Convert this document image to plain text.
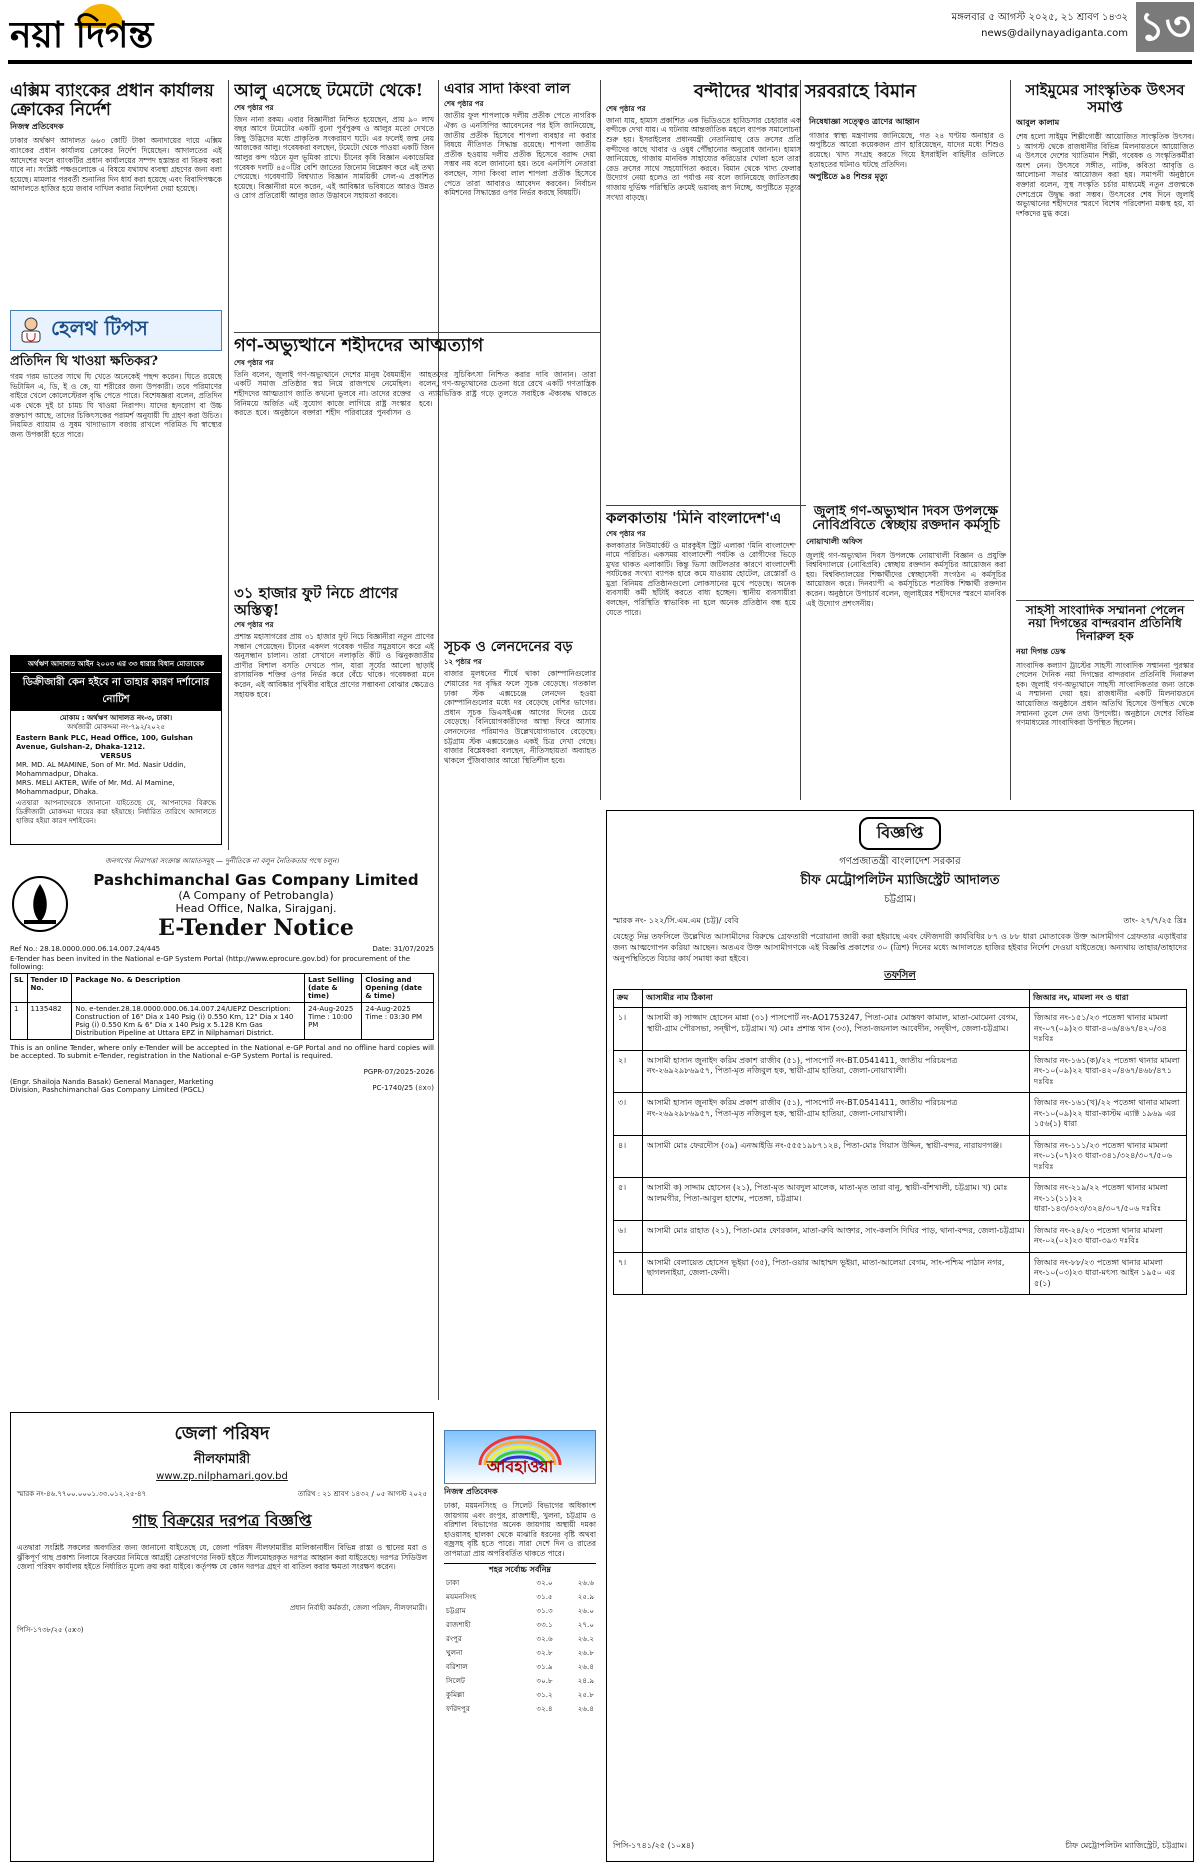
নয়া দিগন্ত	মঙ্গলবার ৫ আগস্ট ২০২৫, ২১ শ্রাবণ ১৪৩২
news@dailynayadiganta.com ১৩
এক্সিম ব্যাংকের প্রধান কার্যালয় ক্রোকের নির্দেশ
নিজস্ব প্রতিবেদক

ঢাকার অর্থঋণ আদালত ৬৬৩ কোটি টাকা অনাদায়ের দায়ে এক্সিম ব্যাংকের প্রধান কার্যালয় ক্রোকের নির্দেশ দিয়েছেন। আদালতের এই আদেশের ফলে ব্যাংকটির প্রধান কার্যালয়ের সম্পদ হস্তান্তর বা বিক্রয় করা যাবে না। সংশ্লিষ্ট পক্ষগুলোকে এ বিষয়ে যথাযথ ব্যবস্থা গ্রহণের জন্য বলা হয়েছে। মামলার পরবর্তী শুনানির দিন ধার্য করা হয়েছে এবং বিবাদিপক্ষকে আদালতে হাজির হয়ে জবাব দাখিল করার নির্দেশনা দেয়া হয়েছে।

হেলথ টিপস
প্রতিদিন ঘি খাওয়া ক্ষতিকর?

গরম গরম ভাতের সাথে ঘি খেতে অনেকেই পছন্দ করেন। ঘিতে রয়েছে ভিটামিন এ, ডি, ই ও কে, যা শরীরের জন্য উপকারী। তবে পরিমাণের বাইরে খেলে কোলেস্টেরল বৃদ্ধি পেতে পারে। বিশেষজ্ঞরা বলেন, প্রতিদিন এক থেকে দুই চা চামচ ঘি খাওয়া নিরাপদ। যাদের হৃদরোগ বা উচ্চ রক্তচাপ আছে, তাদের চিকিৎসকের পরামর্শ অনুযায়ী ঘি গ্রহণ করা উচিত। নিয়মিত ব্যায়াম ও সুষম খাদ্যাভ্যাস বজায় রাখলে পরিমিত ঘি স্বাস্থ্যের জন্য উপকারী হতে পারে।

অর্থঋণ আদালত আইন ২০০৩ এর ৩৩ ধারার বিধান মোতাবেক
ডিক্রীজারী কেন হইবে না তাহার কারণ দর্শানোর নোটিশ
মোকাম : অর্থঋণ আদালত নং-৩, ঢাকা।
অর্থজারী মোকদ্দমা নং-৭৯২/২০২৫
Eastern Bank PLC, Head Office, 100, Gulshan Avenue, Gulshan-2, Dhaka-1212.
VERSUS
MR. MD. AL MAMINE, Son of Mr. Md. Nasir Uddin, Mohammadpur, Dhaka.
MRS. MELI AKTER, Wife of Mr. Md. Al Mamine, Mohammadpur, Dhaka.
এতদ্বারা আপনাদেরকে জানানো যাইতেছে যে, আপনাদের বিরুদ্ধে ডিক্রীজারী মোকদ্দমা দায়ের করা হইয়াছে। নির্ধারিত তারিখে আদালতে হাজির হইয়া কারণ দর্শাইবেন।
আলু এসেছে টমেটো থেকে!
শেষ পৃষ্ঠার পর

জিন নানা রকম। এবার বিজ্ঞানীরা নিশ্চিত হয়েছেন, প্রায় ৯০ লাখ বছর আগে টমেটোর একটি বুনো পূর্বপুরুষ ও আলুর মতো দেখতে কিছু উদ্ভিদের মধ্যে প্রাকৃতিক সংকরায়ণ ঘটে। এর ফলেই জন্ম নেয় আজকের আলু। গবেষকরা বলছেন, টমেটো থেকে পাওয়া একটি জিন আলুর কন্দ গঠনে মূল ভূমিকা রাখে। চীনের কৃষি বিজ্ঞান একাডেমির গবেষক দলটি ৪৫০টির বেশি জাতের জিনোম বিশ্লেষণ করে এই তথ্য পেয়েছে। গবেষণাটি বিশ্বখ্যাত বিজ্ঞান সাময়িকী সেল-এ প্রকাশিত হয়েছে। বিজ্ঞানীরা মনে করেন, এই আবিষ্কার ভবিষ্যতে আরও উন্নত ও রোগ প্রতিরোধী আলুর জাত উদ্ভাবনে সহায়তা করবে।

গণ-অভ্যুত্থানে শহীদদের আত্মত্যাগ
শেষ পৃষ্ঠার পর

তিনি বলেন, জুলাই গণ-অভ্যুত্থানে দেশের মানুষ বৈষম্যহীন একটি সমাজ প্রতিষ্ঠার স্বপ্ন নিয়ে রাজপথে নেমেছিল। শহীদদের আত্মত্যাগ জাতি কখনো ভুলবে না। তাদের রক্তের বিনিময়ে অর্জিত এই সুযোগ কাজে লাগিয়ে রাষ্ট্র সংস্কার করতে হবে। অনুষ্ঠানে বক্তারা শহীদ পরিবারের পুনর্বাসন ও আহতদের সুচিকিৎসা নিশ্চিত করার দাবি জানান। তারা বলেন, গণ-অভ্যুত্থানের চেতনা ধরে রেখে একটি গণতান্ত্রিক ও ন্যায়ভিত্তিক রাষ্ট্র গড়ে তুলতে সবাইকে ঐক্যবদ্ধ থাকতে হবে।

৩১ হাজার ফুট নিচে প্রাণের অস্তিত্ব!
শেষ পৃষ্ঠার পর

প্রশান্ত মহাসাগরের প্রায় ৩১ হাজার ফুট নিচে বিজ্ঞানীরা নতুন প্রাণের সন্ধান পেয়েছেন। চীনের একদল গবেষক গভীর সমুদ্রযানে করে এই অনুসন্ধান চালান। তারা সেখানে নলাকৃতি কীট ও ঝিনুকজাতীয় প্রাণীর বিশাল বসতি দেখতে পান, যারা সূর্যের আলো ছাড়াই রাসায়নিক শক্তির ওপর নির্ভর করে বেঁচে থাকে। গবেষকরা মনে করেন, এই আবিষ্কার পৃথিবীর বাইরে প্রাণের সম্ভাবনা বোঝার ক্ষেত্রেও সহায়ক হবে।

এবার সাদা কিংবা লাল
শেষ পৃষ্ঠার পর

জাতীয় ফুল শাপলাকে দলীয় প্রতীক পেতে নাগরিক ঐক্য ও এনসিপির আবেদনের পর ইসি জানিয়েছে, জাতীয় প্রতীক হিসেবে শাপলা ব্যবহার না করার বিষয়ে নীতিগত সিদ্ধান্ত রয়েছে। শাপলা জাতীয় প্রতীক হওয়ায় দলীয় প্রতীক হিসেবে বরাদ্দ দেয়া সম্ভব নয় বলে জানানো হয়। তবে এনসিপি নেতারা বলছেন, সাদা কিংবা লাল শাপলা প্রতীক হিসেবে পেতে তারা আবারও আবেদন করবেন। নির্বাচন কমিশনের সিদ্ধান্তের ওপর নির্ভর করছে বিষয়টি।

সূচক ও লেনদেনের বড়
১২ পৃষ্ঠার পর

বাজার মূলধনের শীর্ষে থাকা কোম্পানিগুলোর শেয়ারের দর বৃদ্ধির ফলে সূচক বেড়েছে। গতকাল ঢাকা স্টক এক্সচেঞ্জে লেনদেন হওয়া কোম্পানিগুলোর মধ্যে দর বেড়েছে বেশির ভাগের। প্রধান সূচক ডিএসইএক্স আগের দিনের চেয়ে বেড়েছে। বিনিয়োগকারীদের আস্থা ফিরে আসায় লেনদেনের পরিমাণও উল্লেখযোগ্যভাবে বেড়েছে। চট্টগ্রাম স্টক এক্সচেঞ্জেও একই চিত্র দেখা গেছে। বাজার বিশ্লেষকরা বলছেন, নীতিসহায়তা অব্যাহত থাকলে পুঁজিবাজার আরো স্থিতিশীল হবে।

বন্দীদের খাবার সরবরাহে বিমান
শেষ পৃষ্ঠার পর

জানা যায়, হামাস প্রকাশিত এক ভিডিওতে হাড্ডিসার চেহারার এক বন্দীকে দেখা যায়। এ ঘটনায় আন্তর্জাতিক মহলে ব্যাপক সমালোচনা শুরু হয়। ইসরাইলের প্রধানমন্ত্রী নেতানিয়াহু রেড ক্রসের প্রতি বন্দীদের কাছে খাবার ও ওষুধ পৌঁছানোর অনুরোধ জানান। হামাস জানিয়েছে, গাজায় মানবিক সাহায্যের করিডোর খোলা হলে তারা রেড ক্রসের সাথে সহযোগিতা করবে। বিমান থেকে খাদ্য ফেলার উদ্যোগ নেয়া হলেও তা পর্যাপ্ত নয় বলে জানিয়েছে জাতিসঙ্ঘ। গাজায় দুর্ভিক্ষ পরিস্থিতি ক্রমেই ভয়াবহ রূপ নিচ্ছে, অপুষ্টিতে মৃত্যুর সংখ্যা বাড়ছে।

নিষেধাজ্ঞা সত্ত্বেও ত্রাণের আহ্বান

গাজার স্বাস্থ্য মন্ত্রণালয় জানিয়েছে, গত ২৪ ঘণ্টায় অনাহার ও অপুষ্টিতে আরো কয়েকজন প্রাণ হারিয়েছেন, যাদের মধ্যে শিশুও রয়েছে। খাদ্য সংগ্রহ করতে গিয়ে ইসরাইলি বাহিনীর গুলিতে হতাহতের ঘটনাও ঘটছে প্রতিদিন।

অপুষ্টিতে ৯৪ শিশুর মৃত্যু
কলকাতায় 'মিনি বাংলাদেশ'এ
শেষ পৃষ্ঠার পর

কলকাতার নিউমার্কেট ও মারকুইস স্ট্রিট এলাকা 'মিনি বাংলাদেশ' নামে পরিচিত। একসময় বাংলাদেশী পর্যটক ও রোগীদের ভিড়ে মুখর থাকত এলাকাটি। কিন্তু ভিসা জটিলতার কারণে বাংলাদেশী পর্যটকের সংখ্যা ব্যাপক হারে কমে যাওয়ায় হোটেল, রেস্তোরাঁ ও মুদ্রা বিনিময় প্রতিষ্ঠানগুলো লোকসানের মুখে পড়েছে। অনেক ব্যবসায়ী কর্মী ছাঁটাই করতে বাধ্য হচ্ছেন। স্থানীয় ব্যবসায়ীরা বলছেন, পরিস্থিতি স্বাভাবিক না হলে অনেক প্রতিষ্ঠান বন্ধ হয়ে যেতে পারে।

জুলাই গণ-অভ্যুত্থান দিবস উপলক্ষে নোবিপ্রবিতে স্বেচ্ছায় রক্তদান কর্মসূচি
নোয়াখালী অফিস

জুলাই গণ-অভ্যুত্থান দিবস উপলক্ষে নোয়াখালী বিজ্ঞান ও প্রযুক্তি বিশ্ববিদ্যালয়ে (নোবিপ্রবি) স্বেচ্ছায় রক্তদান কর্মসূচির আয়োজন করা হয়। বিশ্ববিদ্যালয়ের শিক্ষার্থীদের স্বেচ্ছাসেবী সংগঠন এ কর্মসূচির আয়োজন করে। দিনব্যাপী এ কর্মসূচিতে শতাধিক শিক্ষার্থী রক্তদান করেন। অনুষ্ঠানে উপাচার্য বলেন, জুলাইয়ের শহীদদের স্মরণে মানবিক এই উদ্যোগ প্রশংসনীয়।

সাইমুমের সাংস্কৃতিক উৎসব সমাপ্ত
আবুল কালাম

শেষ হলো সাইমুম শিল্পীগোষ্ঠী আয়োজিত সাংস্কৃতিক উৎসব। ১ আগস্ট থেকে রাজধানীর বিভিন্ন মিলনায়তনে আয়োজিত এ উৎসবে দেশের খ্যাতিমান শিল্পী, গবেষক ও সংস্কৃতিকর্মীরা অংশ নেন। উৎসবে সঙ্গীত, নাটক, কবিতা আবৃত্তি ও আলোচনা সভার আয়োজন করা হয়। সমাপনী অনুষ্ঠানে বক্তারা বলেন, সুস্থ সংস্কৃতি চর্চার মাধ্যমেই নতুন প্রজন্মকে দেশপ্রেমে উদ্বুদ্ধ করা সম্ভব। উৎসবের শেষ দিনে জুলাই অভ্যুত্থানের শহীদদের স্মরণে বিশেষ পরিবেশনা মঞ্চস্থ হয়, যা দর্শকদের মুগ্ধ করে।

সাহসী সাংবাদিক সম্মাননা পেলেন নয়া দিগন্তের বান্দরবান প্রতিনিধি দিনারুল হক
নয়া দিগন্ত ডেস্ক

সাংবাদিক কল্যাণ ট্রাস্টের সাহসী সাংবাদিক সম্মাননা পুরস্কার পেলেন দৈনিক নয়া দিগন্তের বান্দরবান প্রতিনিধি দিনারুল হক। জুলাই গণ-অভ্যুত্থানে সাহসী সাংবাদিকতার জন্য তাকে এ সম্মাননা দেয়া হয়। রাজধানীর একটি মিলনায়তনে আয়োজিত অনুষ্ঠানে প্রধান অতিথি হিসেবে উপস্থিত থেকে সম্মাননা তুলে দেন তথ্য উপদেষ্টা। অনুষ্ঠানে দেশের বিভিন্ন গণমাধ্যমের সাংবাদিকরা উপস্থিত ছিলেন।

জনগণের নিরাপত্তা সংক্রান্ত আয়াতসমূহ — দুর্নীতিকে না বলুন নৈতিকতার পথে চলুন।
Pashchimanchal Gas Company Limited
(A Company of Petrobangla)
Head Office, Nalka, Sirajganj.
E-Tender Notice
Ref No.: 28.18.0000.000.06.14.007.24/445	Date: 31/07/2025
E-Tender has been invited in the National e-GP System Portal (http://www.eprocure.gov.bd) for procurement of the following:
SL	Tender ID No.	Package No. & Description	Last Selling (date & time)	Closing and Opening (date & time)
1	1135482	No. e-tender.28.18.0000.000.06.14.007.24/UEPZ Description: Construction of 16" Dia x 140 Psig (i) 0.550 Km, 12" Dia x 140 Psig (i) 0.550 Km & 6" Dia x 140 Psig x 5.128 Km Gas Distribution Pipeline at Uttara EPZ in Nilphamari District.	24-Aug-2025 Time : 10:00 PM	24-Aug-2025 Time : 03:30 PM
This is an online Tender, where only e-Tender will be accepted in the National e-GP Portal and no offline hard copies will be accepted. To submit e-Tender, registration in the National e-GP System Portal is required.
(Engr. Shailoja Nanda Basak) General Manager, Marketing Division, Pashchimanchal Gas Company Limited (PGCL)
PGPR-07/2025-2026
PC-1740/25 (৪x৩)
জেলা পরিষদ
নীলফামারী
www.zp.nilphamari.gov.bd
স্মারক নং-৪৬.৭৭০০.০০০১.৩৩.০১২.২৫-৪৭	তারিখ : ২১ শ্রাবণ ১৪৩২ / ০৫ আগস্ট ২০২৫
গাছ বিক্রয়ের দরপত্র বিজ্ঞপ্তি

এতদ্বারা সংশ্লিষ্ট সকলের অবগতির জন্য জানানো যাইতেছে যে, জেলা পরিষদ নীলফামারীর মালিকানাধীন বিভিন্ন রাস্তা ও স্থানের মরা ও ঝুঁকিপূর্ণ গাছ প্রকাশ্য নিলামে বিক্রয়ের নিমিত্তে আগ্রহী ক্রেতাগণের নিকট হইতে সীলমোহরকৃত দরপত্র আহ্বান করা যাইতেছে। দরপত্র সিডিউল জেলা পরিষদ কার্যালয় হইতে নির্ধারিত মূল্যে ক্রয় করা যাইবে। কর্তৃপক্ষ যে কোন দরপত্র গ্রহণ বা বাতিল করার ক্ষমতা সংরক্ষণ করেন।

প্রধান নির্বাহী কর্মকর্তা, জেলা পরিষদ, নীলফামারী।
পিসি-১৭৩৮/২৫ (৫x৩)
আবহাওয়া
নিজস্ব প্রতিবেদক

ঢাকা, ময়মনসিংহ ও সিলেট বিভাগের অধিকাংশ জায়গায় এবং রংপুর, রাজশাহী, খুলনা, চট্টগ্রাম ও বরিশাল বিভাগের অনেক জায়গায় অস্থায়ী দমকা হাওয়াসহ হালকা থেকে মাঝারি ধরনের বৃষ্টি অথবা বজ্রসহ বৃষ্টি হতে পারে। সারা দেশে দিন ও রাতের তাপমাত্রা প্রায় অপরিবর্তিত থাকতে পারে।

শহর সর্বোচ্চ সর্বনিম্ন
ঢাকা	৩২.০	২৬.৬
ময়মনসিংহ	৩১.৫	২৫.৯
চট্টগ্রাম	৩১.৩	২৬.০
রাজশাহী	৩৩.১	২৭.০
রংপুর	৩২.৬	২৬.২
খুলনা	৩২.৮	২৬.৮
বরিশাল	৩১.৯	২৬.৪
সিলেট	৩০.৮	২৪.৯
কুমিল্লা	৩১.২	২৫.৮
ফরিদপুর	৩২.৪	২৬.৪
বিজ্ঞপ্তি
গণপ্রজাতন্ত্রী বাংলাদেশ সরকার
চীফ মেট্রোপলিটন ম্যাজিস্ট্রেট আদালত
চট্টগ্রাম।
স্মারক নং- ১২২/সি.এম.এম (চট্ট)/ বেবি	তাং- ২৭/৭/২৫ খ্রিঃ

যেহেতু নিম্ন তফসিলে উল্লেখিত আসামীদের বিরুদ্ধে গ্রেফতারী পরোয়ানা জারী করা হইয়াছে এবং ফৌজদারী কার্যবিধির ৮৭ ও ৮৮ ধারা মোতাবেক উক্ত আসামীগণ গ্রেফতার এড়াইবার জন্য আত্মগোপন করিয়া আছেন। অতএব উক্ত আসামীগণকে এই বিজ্ঞপ্তি প্রকাশের ৩০ (ত্রিশ) দিনের মধ্যে আদালতে হাজির হইবার নির্দেশ দেওয়া যাইতেছে। অন্যথায় তাহার/তাহাদের অনুপস্থিতিতে বিচার কার্য সমাধা করা হইবে।

তফসিল
ক্রম	আসামীর নাম ঠিকানা	জিআর নং, মামলা নং ও ধারা
১।	আসামী ক) সাজ্জাদ হোসেন মান্না (৩১) পাসপোর্ট নং-AO1753247, পিতা-মোঃ মোস্তফা কামাল, মাতা-মোমেনা বেগম, স্থায়ী-গ্রাম পৌরসভা, সন্দ্বীপ, চট্টগ্রাম। খ) মোঃ প্রশান্ত খান (৩৩), পিতা-জয়নাল আবেদীন, সন্দ্বীপ, জেলা-চট্টগ্রাম।	জিআর নং-১৫১/২৩ পতেঙ্গা থানার মামলা নং-০৭(০৯)২৩ ধারা-৪০৬/৪৬৭/৪২০/৩৪ দঃবিঃ
২।	আসামী হাসান জুনাইদ করিম প্রকাশ রাজীব (৫১), পাসপোর্ট নং-BT.0541411, জাতীয় পরিচয়পত্র নং-২৬৯২৯৮৬৯৫৭, পিতা-মৃত নজিবুল হক, স্থায়ী-গ্রাম হাতিয়া, জেলা-নোয়াখালী।	জিআর নং-১৬১(ক)/২২ পতেঙ্গা থানার মামলা নং-১০(০৯)২২ ধারা-৪২০/৪৬৭/৪৬৮/৪৭১ দঃবিঃ
৩।	আসামী হাসান জুনাইদ করিম প্রকাশ রাজীব (৫১), পাসপোর্ট নং-BT.0541411, জাতীয় পরিচয়পত্র নং-২৬৯২৯৮৬৯৫৭, পিতা-মৃত নজিবুল হক, স্থায়ী-গ্রাম হাতিয়া, জেলা-নোয়াখালী।	জিআর নং-১৬১(খ)/২২ পতেঙ্গা থানার মামলা নং-১০(০৯)২২ ধারা-কাস্টম এ্যাক্ট ১৯৬৯ এর ১৫৬(১) ধারা
৪।	আসামী মোঃ ফেরদৌস (৩৯) এনআইডি নং-৫৫৫১৯৮৭১২৪, পিতা-মোঃ গিয়াস উদ্দিন, স্থায়ী-বন্দর, নারায়ণগঞ্জ।	জিআর নং-১১১/২৩ পতেঙ্গা থানার মামলা নং-০১(০৭)২৩ ধারা-৩৪১/৩২৪/৩০৭/৫০৬ দঃবিঃ
৫।	আসামী ক) সাদ্দাম হোসেন (২১), পিতা-মৃত আবদুল মালেক, মাতা-মৃত তারা বানু, স্থায়ী-বাঁশখালী, চট্টগ্রাম। খ) মোঃ আলমগীর, পিতা-আবুল হাশেম, পতেঙ্গা, চট্টগ্রাম।	জিআর নং-২১৯/২২ পতেঙ্গা থানার মামলা নং-১১(১১)২২ ধারা-১৪৩/৩২৩/৩২৪/৩০৭/৫০৬ দঃবিঃ
৬।	আসামী মোঃ রাহাত (২১), পিতা-মোঃ ফোরকান, মাতা-রুবি আক্তার, সাং-কলসি দিঘির পাড়, থানা-বন্দর, জেলা-চট্টগ্রাম।	জিআর নং-২৪/২৩ পতেঙ্গা থানার মামলা নং-০২(০২)২৩ ধারা-৩৯৩ দঃবিঃ
৭।	আসামী বেলায়েত হোসেন ভূইয়া (৩৫), পিতা-ওয়ার আহাম্মদ ভূইয়া, মাতা-আলেয়া বেগম, সাং-পশ্চিম পাঠান নগর, ছাগলনাইয়া, জেলা-ফেনী।	জিআর নং-৮৮/২৩ পতেঙ্গা থানার মামলা নং-১০(০৩)২৩ ধারা-মৎস্য আইন ১৯৫০ এর ৫(১)
পিসি-১৭৪১/২৫ (১০x৪)	চীফ মেট্রোপলিটন ম্যাজিস্ট্রেট, চট্টগ্রাম।
